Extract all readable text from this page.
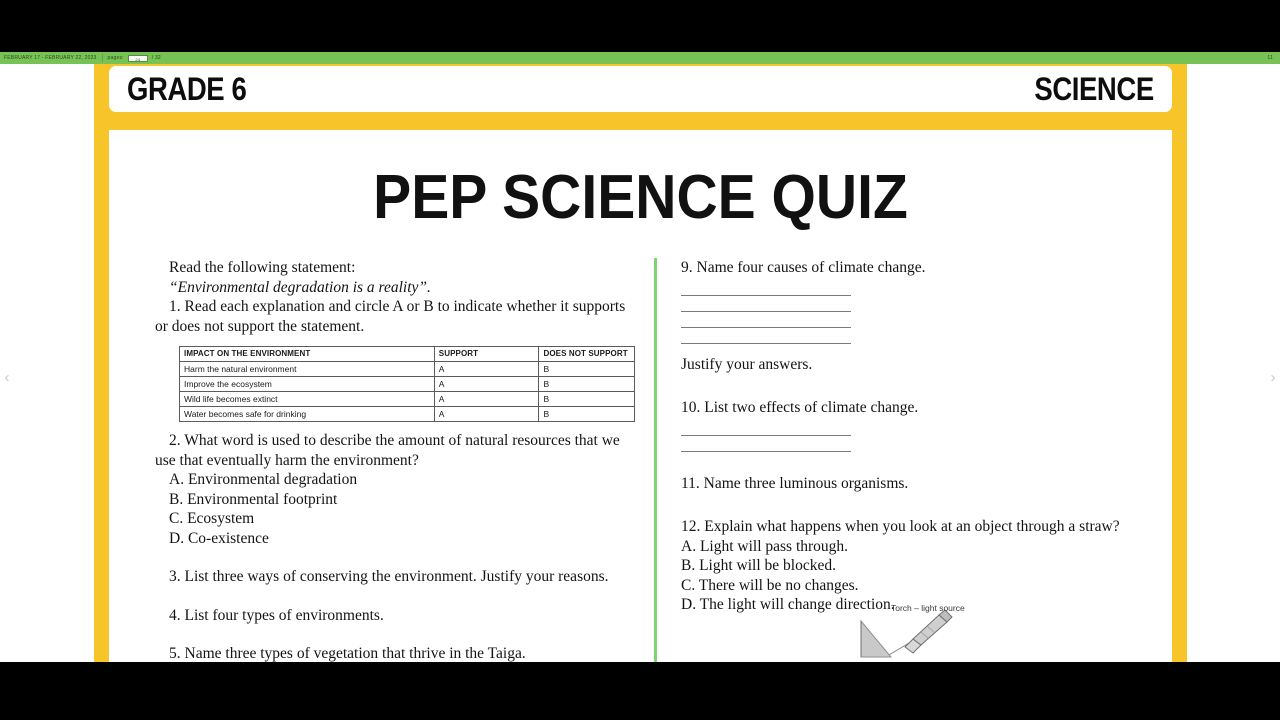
FEBRUARY 17 - FEBRUARY 22, 2023 pages:	24	/ 32	11
GRADE 6	SCIENCE
PEP SCIENCE QUIZ
Read the following statement:
“Environmental degradation is a reality”.
1. Read each explanation and circle A or B to indicate whether it supports or does not support the statement.
IMPACT ON THE ENVIRONMENT	SUPPORT	DOES NOT SUPPORT
Harm the natural environment	A	B
Improve the ecosystem	A	B
Wild life becomes extinct	A	B
Water becomes safe for drinking	A	B
2. What word is used to describe the amount of natural resources that we use that eventually harm the environment?
A. Environmental degradation
B. Environmental footprint
C. Ecosystem
D. Co-existence
3. List three ways of conserving the environment. Justify your reasons.
4. List four types of environments.
5. Name three types of vegetation that thrive in the Taiga.
9. Name four causes of climate change.
Justify your answers.
10. List two effects of climate change.
11. Name three luminous organisms.
12. Explain what happens when you look at an object through a straw?
A. Light will pass through.
B. Light will be blocked.
C. There will be no changes.
D. The light will change direction.
Torch – light source
‹	›
